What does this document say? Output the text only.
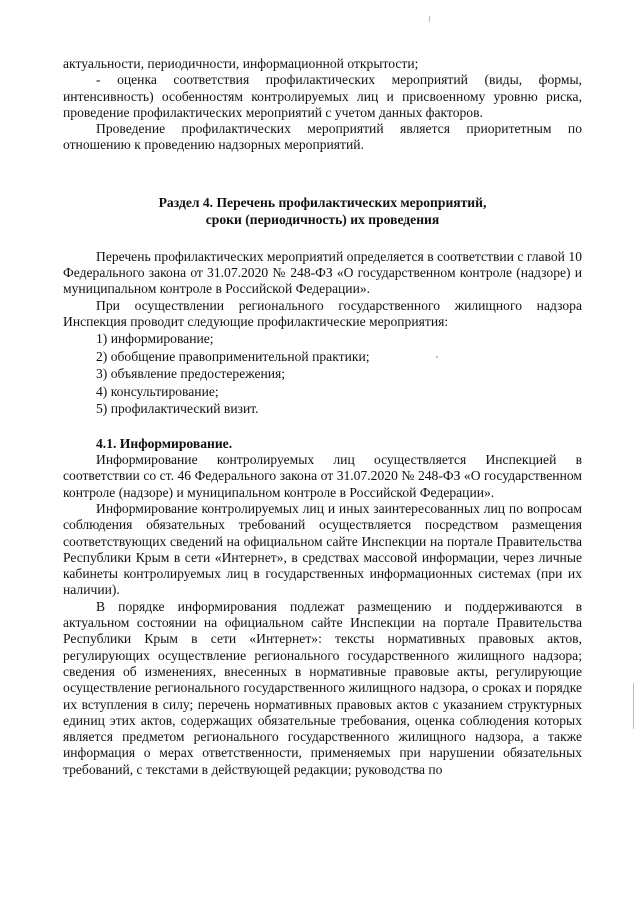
актуальности, периодичности, информационной открытости;

- оценка соответствия профилактических мероприятий (виды, формы, интенсивность) особенностям контролируемых лиц и присвоенному уровню риска, проведение профилактических мероприятий с учетом данных факторов.

Проведение профилактических мероприятий является приоритетным по отношению к проведению надзорных мероприятий.

Раздел 4. Перечень профилактических мероприятий,
сроки (периодичность) их проведения

Перечень профилактических мероприятий определяется в соответствии с главой 10 Федерального закона от 31.07.2020 № 248-ФЗ «О государственном контроле (надзоре) и муниципальном контроле в Российской Федерации».

При осуществлении регионального государственного жилищного надзора Инспекция проводит следующие профилактические мероприятия:

1) информирование;
2) обобщение правоприменительной практики;
3) объявление предостережения;
4) консультирование;
5) профилактический визит.
4.1. Информирование.

Информирование контролируемых лиц осуществляется Инспекцией в соответствии со ст. 46 Федерального закона от 31.07.2020 № 248-ФЗ «О государственном контроле (надзоре) и муниципальном контроле в Российской Федерации».

Информирование контролируемых лиц и иных заинтересованных лиц по вопросам соблюдения обязательных требований осуществляется посредством размещения соответствующих сведений на официальном сайте Инспекции на портале Правительства Республики Крым в сети «Интернет», в средствах массовой информации, через личные кабинеты контролируемых лиц в государственных информационных системах (при их наличии).

В порядке информирования подлежат размещению и поддерживаются в актуальном состоянии на официальном сайте Инспекции на портале Правительства Республики Крым в сети «Интернет»: тексты нормативных правовых актов, регулирующих осуществление регионального государственного жилищного надзора; сведения об изменениях, внесенных в нормативные правовые акты, регулирующие осуществление регионального государственного жилищного надзора, о сроках и порядке их вступления в силу; перечень нормативных правовых актов с указанием структурных единиц этих актов, содержащих обязательные требования, оценка соблюдения которых является предметом регионального государственного жилищного надзора, а также информация о мерах ответственности, применяемых при нарушении обязательных требований, с текстами в действующей редакции; руководства по
